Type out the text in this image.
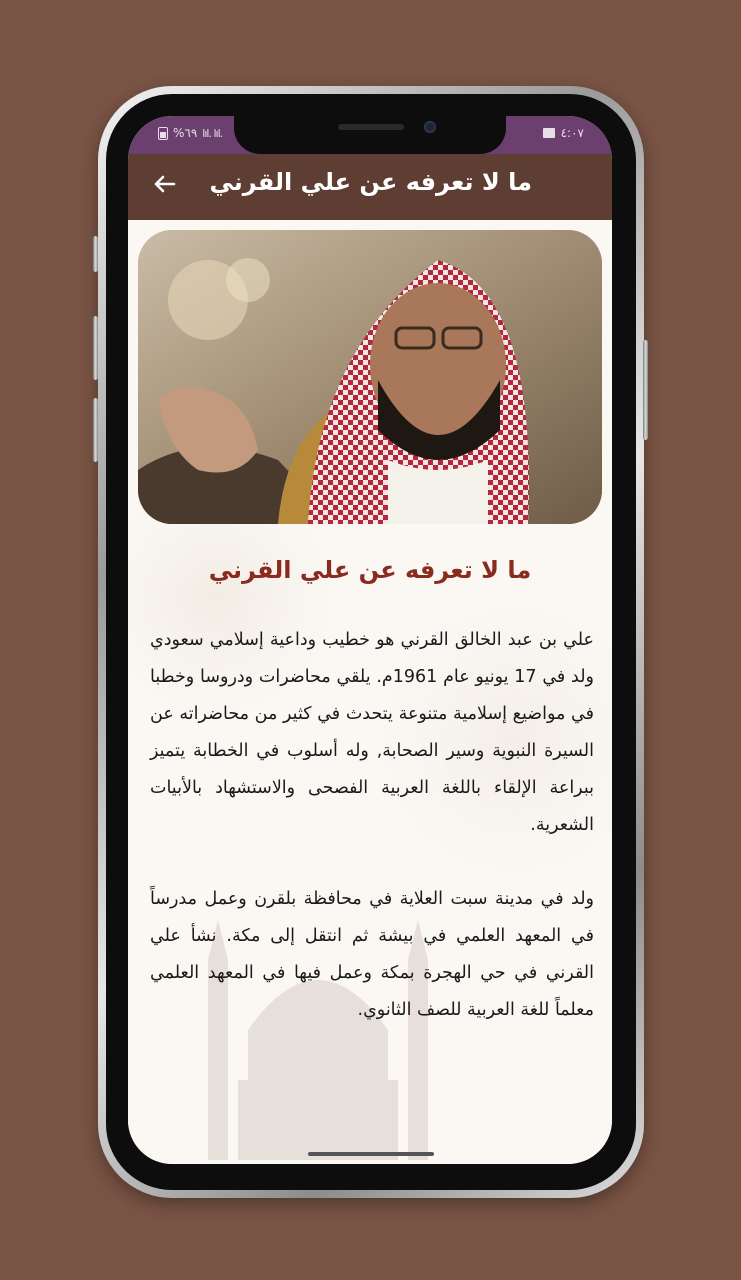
%٦٩ lıl. lıl.	٤:٠٧
ما لا تعرفه عن علي القرني
ما لا تعرفه عن علي القرني

علي بن عبد الخالق القرني هو خطيب وداعية إسلامي سعودي ولد في 17 يونيو عام 1961م. يلقي محاضرات ودروسا وخطبا في مواضيع إسلامية متنوعة يتحدث في كثير من محاضراته عن السيرة النبوية وسير الصحابة, وله أسلوب في الخطابة يتميز ببراعة الإلقاء باللغة العربية الفصحى والاستشهاد بالأبيات الشعرية.

ولد في مدينة سبت العلاية في محافظة بلقرن وعمل مدرساً في المعهد العلمي في بيشة ثم انتقل إلى مكة. نشأ علي القرني في حي الهجرة بمكة وعمل فيها في المعهد العلمي معلماً للغة العربية للصف الثانوي.
